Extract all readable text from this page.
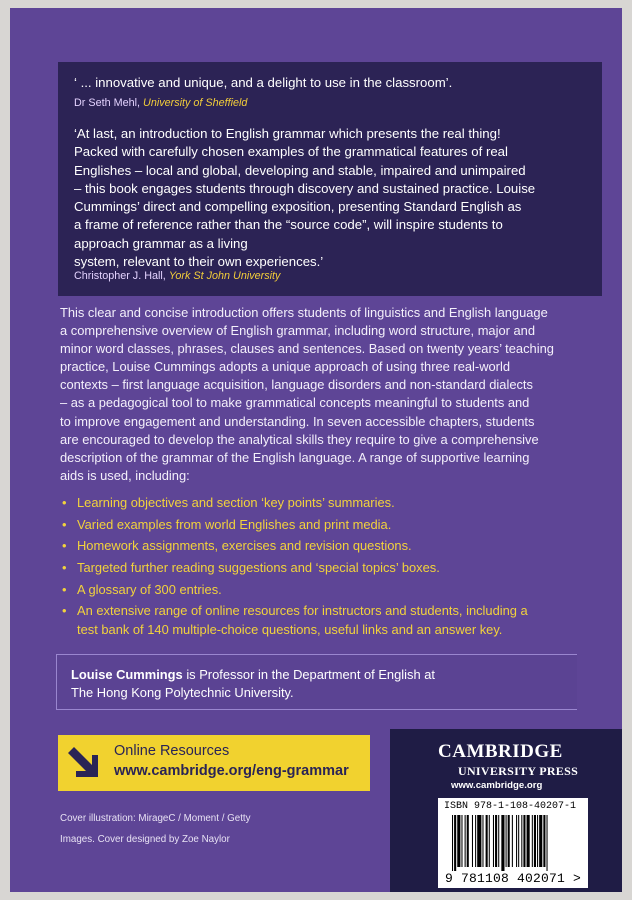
‘ ... innovative and unique, and a delight to use in the classroom’.
Dr Seth Mehl, University of Sheffield
‘At last, an introduction to English grammar which presents the real thing!
Packed with carefully chosen examples of the grammatical features of real
Englishes – local and global, developing and stable, impaired and unimpaired
– this book engages students through discovery and sustained practice. Louise
Cummings’ direct and compelling exposition, presenting Standard English as
a frame of reference rather than the “source code”, will inspire students to
approach grammar as a living
system, relevant to their own experiences.’
Christopher J. Hall, York St John University

This clear and concise introduction offers students of linguistics and English language
a comprehensive overview of English grammar, including word structure, major and
minor word classes, phrases, clauses and sentences. Based on twenty years’ teaching
practice, Louise Cummings adopts a unique approach of using three real-world
contexts – first language acquisition, language disorders and non-standard dialects
– as a pedagogical tool to make grammatical concepts meaningful to students and
to improve engagement and understanding. In seven accessible chapters, students
are encouraged to develop the analytical skills they require to give a comprehensive
description of the grammar of the English language. A range of supportive learning
aids is used, including:

• Learning objectives and section ‘key points’ summaries.
• Varied examples from world Englishes and print media.
• Homework assignments, exercises and revision questions.
• Targeted further reading suggestions and ‘special topics’ boxes.
• A glossary of 300 entries.
• An extensive range of online resources for instructors and students, including a
test bank of 140 multiple-choice questions, useful links and an answer key.
Louise Cummings is Professor in the Department of English at
The Hong Kong Polytechnic University.
Online Resources
www.cambridge.org/eng-grammar
Cover illustration: MirageC / Moment / Getty
Images. Cover designed by Zoe Naylor
CAMBRIDGE
UNIVERSITY PRESS
www.cambridge.org
ISBN 978-1-108-40207-1
9 781108 402071 >
